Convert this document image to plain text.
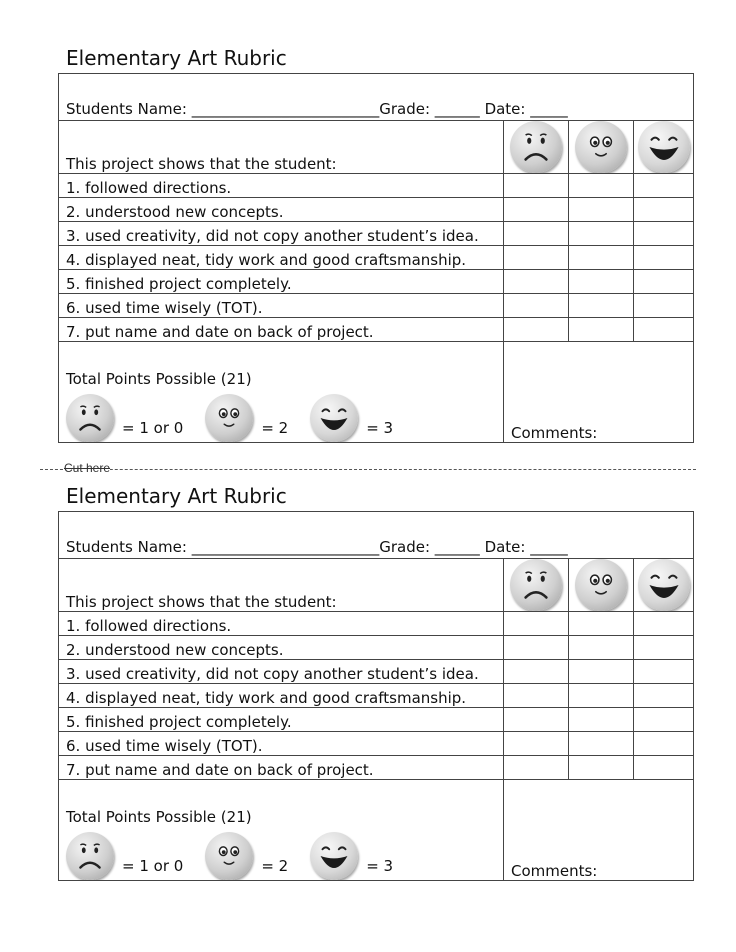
Elementary Art Rubric
Students Name: _________________________Grade: ______ Date: _____			
This project shows that the student:	

1. followed directions.			
2. understood new concepts.			
3. used creativity, did not copy another student’s idea.			
4. displayed neat, tidy work and good craftsmanship.			
5. finished project completely.			
6. used time wisely (TOT).			
7. put name and date on back of project.			

Total Points Possible (21)
= 1 or 0 = 2 = 3	Comments:		
Cut here
Elementary Art Rubric
Students Name: _________________________Grade: ______ Date: _____			
This project shows that the student:	

1. followed directions.			
2. understood new concepts.			
3. used creativity, did not copy another student’s idea.			
4. displayed neat, tidy work and good craftsmanship.			
5. finished project completely.			
6. used time wisely (TOT).			
7. put name and date on back of project.			

Total Points Possible (21)
= 1 or 0 = 2 = 3	Comments:		
